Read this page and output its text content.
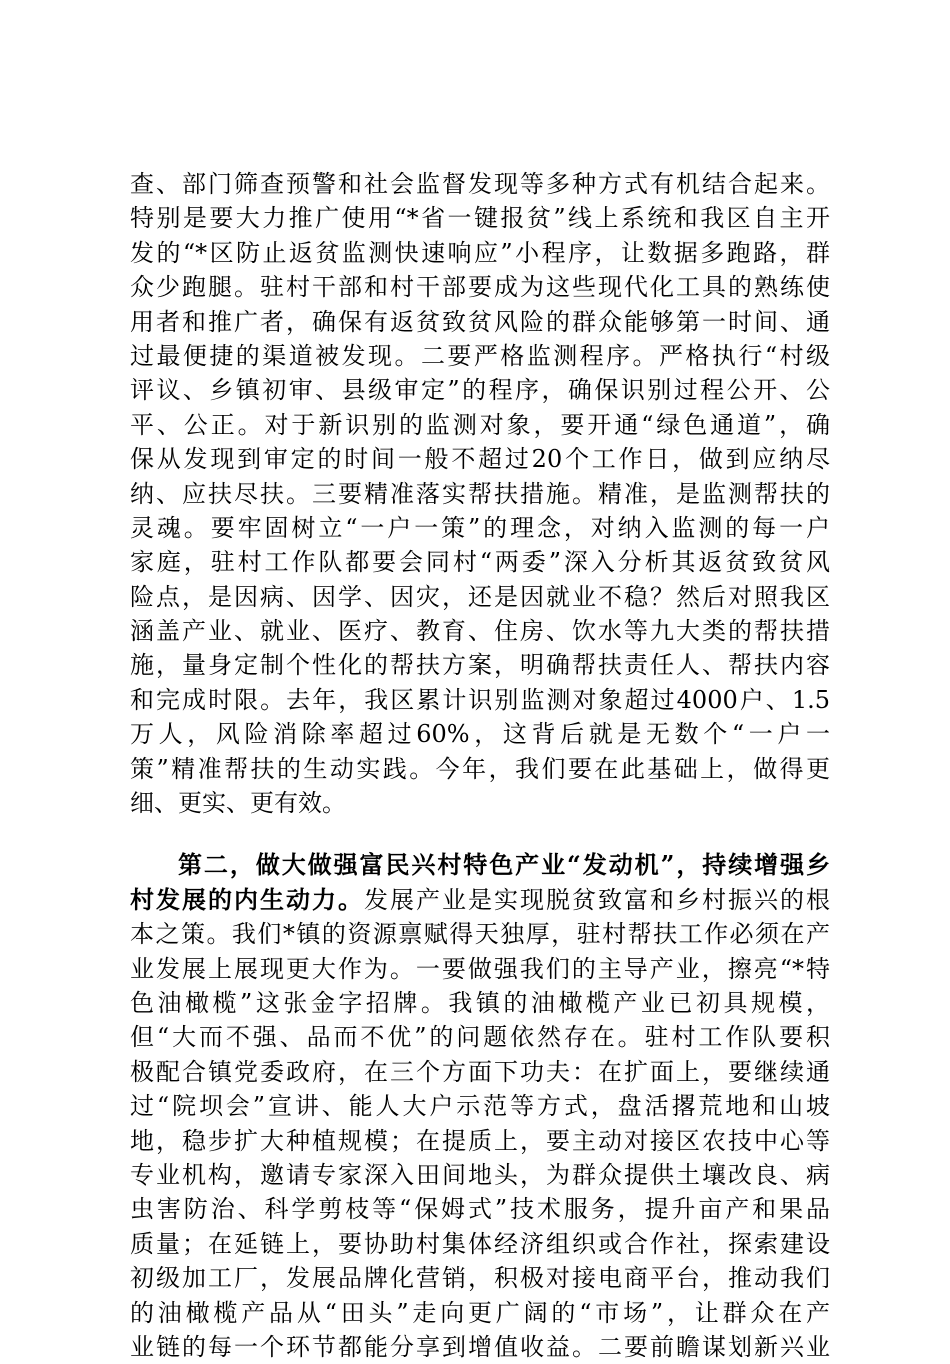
查、部门筛查预警和社会监督发现等多种方式有机结合起来。
特别是要大力推广使用“*省一键报贫”线上系统和我区自主开
发的“*区防止返贫监测快速响应”小程序，让数据多跑路，群
众少跑腿。驻村干部和村干部要成为这些现代化工具的熟练使
用者和推广者，确保有返贫致贫风险的群众能够第一时间、通
过最便捷的渠道被发现。二要严格监测程序。严格执行“村级
评议、乡镇初审、县级审定”的程序，确保识别过程公开、公
平、公正。对于新识别的监测对象，要开通“绿色通道”，确
保从发现到审定的时间一般不超过20个工作日，做到应纳尽
纳、应扶尽扶。三要精准落实帮扶措施。精准，是监测帮扶的
灵魂。要牢固树立“一户一策”的理念，对纳入监测的每一户
家庭，驻村工作队都要会同村“两委”深入分析其返贫致贫风
险点，是因病、因学、因灾，还是因就业不稳？然后对照我区
涵盖产业、就业、医疗、教育、住房、饮水等九大类的帮扶措
施，量身定制个性化的帮扶方案，明确帮扶责任人、帮扶内容
和完成时限。去年，我区累计识别监测对象超过4000户、1.5
万人，风险消除率超过60%，这背后就是无数个“一户一
策”精准帮扶的生动实践。今年，我们要在此基础上，做得更
细、更实、更有效。
第二，做大做强富民兴村特色产业“发动机”，持续增强乡
村发展的内生动力。发展产业是实现脱贫致富和乡村振兴的根
本之策。我们*镇的资源禀赋得天独厚，驻村帮扶工作必须在产
业发展上展现更大作为。一要做强我们的主导产业，擦亮“*特
色油橄榄”这张金字招牌。我镇的油橄榄产业已初具规模，
但“大而不强、品而不优”的问题依然存在。驻村工作队要积
极配合镇党委政府，在三个方面下功夫：在扩面上，要继续通
过“院坝会”宣讲、能人大户示范等方式，盘活撂荒地和山坡
地，稳步扩大种植规模；在提质上，要主动对接区农技中心等
专业机构，邀请专家深入田间地头，为群众提供土壤改良、病
虫害防治、科学剪枝等“保姆式”技术服务，提升亩产和果品
质量；在延链上，要协助村集体经济组织或合作社，探索建设
初级加工厂，发展品牌化营销，积极对接电商平台，推动我们
的油橄榄产品从“田头”走向更广阔的“市场”，让群众在产
业链的每一个环节都能分享到增值收益。二要前瞻谋划新兴业
